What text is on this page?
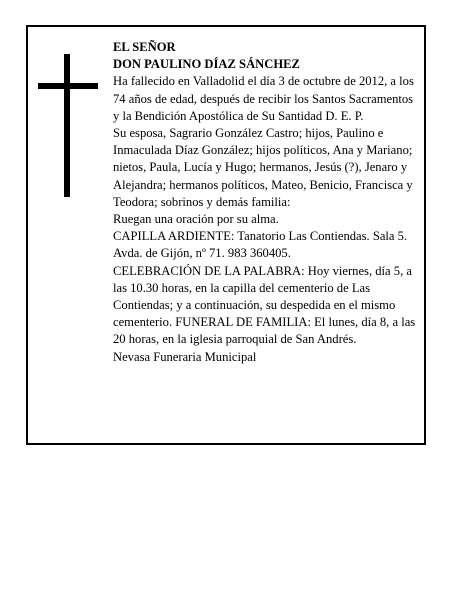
EL SEÑOR

DON PAULINO DÍAZ SÁNCHEZ

Ha fallecido en Valladolid el día 3 de octubre de 2012, a los 74 años de edad, después de recibir los Santos Sacramentos y la Bendición Apostólica de Su Santidad D. E. P.

Su esposa, Sagrario González Castro; hijos, Paulino e Inmaculada Díaz González; hijos políticos, Ana y Mariano; nietos, Paula, Lucía y Hugo; hermanos, Jesús (?), Jenaro y Alejandra; hermanos políticos, Mateo, Benicio, Francisca y Teodora; sobrinos y demás familia:

Ruegan una oración por su alma.

CAPILLA ARDIENTE: Tanatorio Las Contiendas. Sala 5. Avda. de Gijón, nº 71. 983 360405.

CELEBRACIÓN DE LA PALABRA: Hoy viernes, día 5, a las 10.30 horas, en la capilla del cementerio de Las Contiendas; y a continuación, su despedida en el mismo cementerio. FUNERAL DE FAMILIA: El lunes, día 8, a las 20 horas, en la iglesia parroquial de San Andrés.

Nevasa Funeraria Municipal
